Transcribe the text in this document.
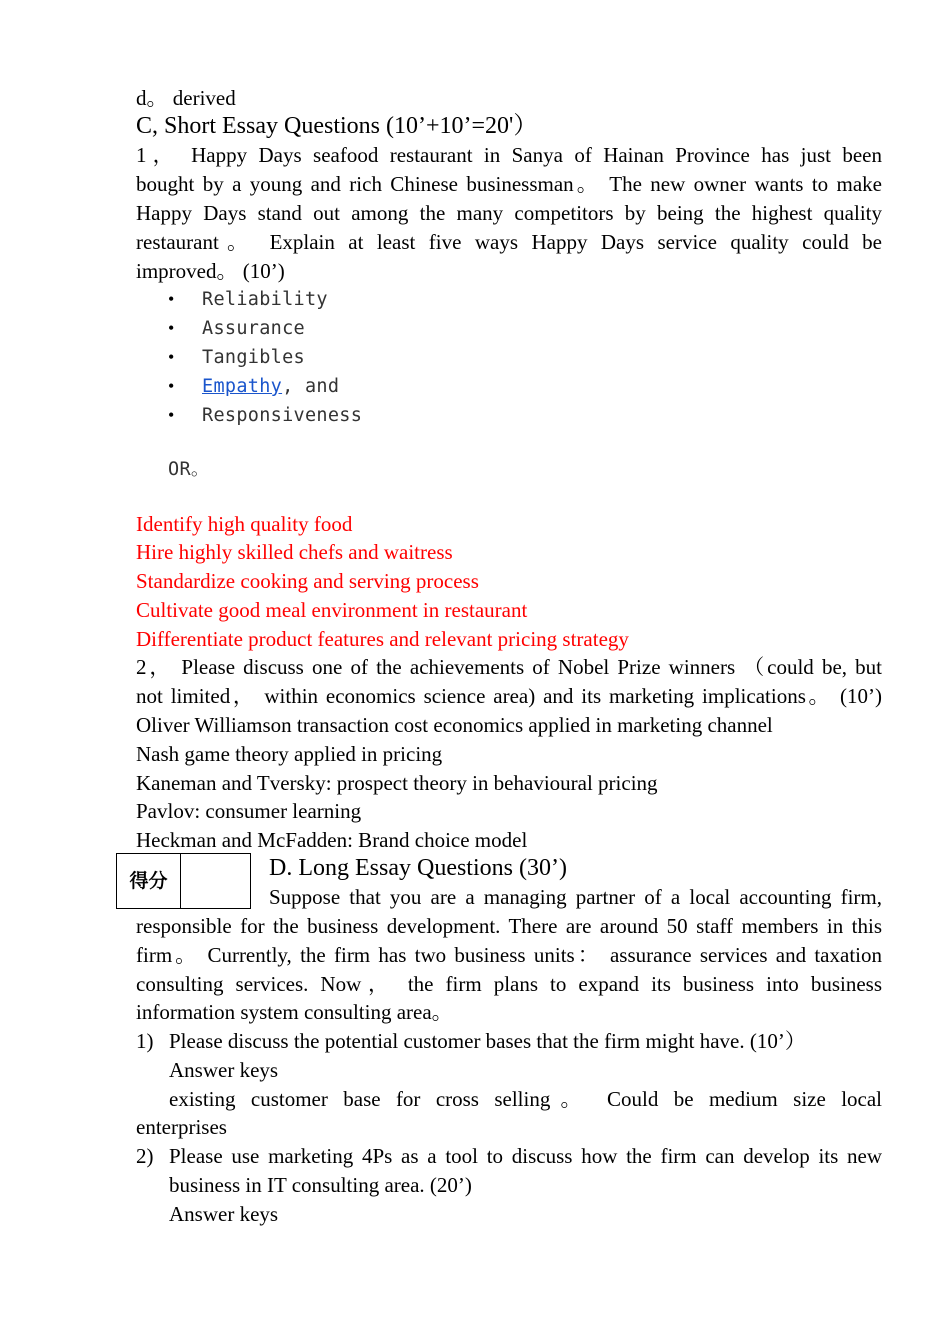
d。 derived
C, Short Essay Questions (10’+10’=20'）
1， Happy Days seafood restaurant in Sanya of Hainan Province has just been
bought by a young and rich Chinese businessman。 The new owner wants to make
Happy Days stand out among the many competitors by being the highest quality
restaurant。 Explain at least five ways Happy Days service quality could be
improved。 (10’)
• Reliability
• Assurance
• Tangibles
• Empathy, and
• Responsiveness
OR。
Identify high quality food
Hire highly skilled chefs and waitress
Standardize cooking and serving process
Cultivate good meal environment in restaurant
Differentiate product features and relevant pricing strategy
2， Please discuss one of the achievements of Nobel Prize winners （could be, but
not limited， within economics science area) and its marketing implications。 (10’)
Oliver Williamson transaction cost economics applied in marketing channel
Nash game theory applied in pricing
Kaneman and Tversky: prospect theory in behavioural pricing
Pavlov: consumer learning
Heckman and McFadden: Brand choice model
得分	D. Long Essay Questions (30’)
Suppose that you are a managing partner of a local accounting firm,
responsible for the business development. There are around 50 staff members in this
firm。 Currently, the firm has two business units： assurance services and taxation
consulting services. Now， the firm plans to expand its business into business
information system consulting area。
1) Please discuss the potential customer bases that the firm might have. (10’）
Answer keys
existing customer base for cross selling。 Could be medium size local
enterprises
2) Please use marketing 4Ps as a tool to discuss how the firm can develop its new
business in IT consulting area. (20’)
Answer keys
